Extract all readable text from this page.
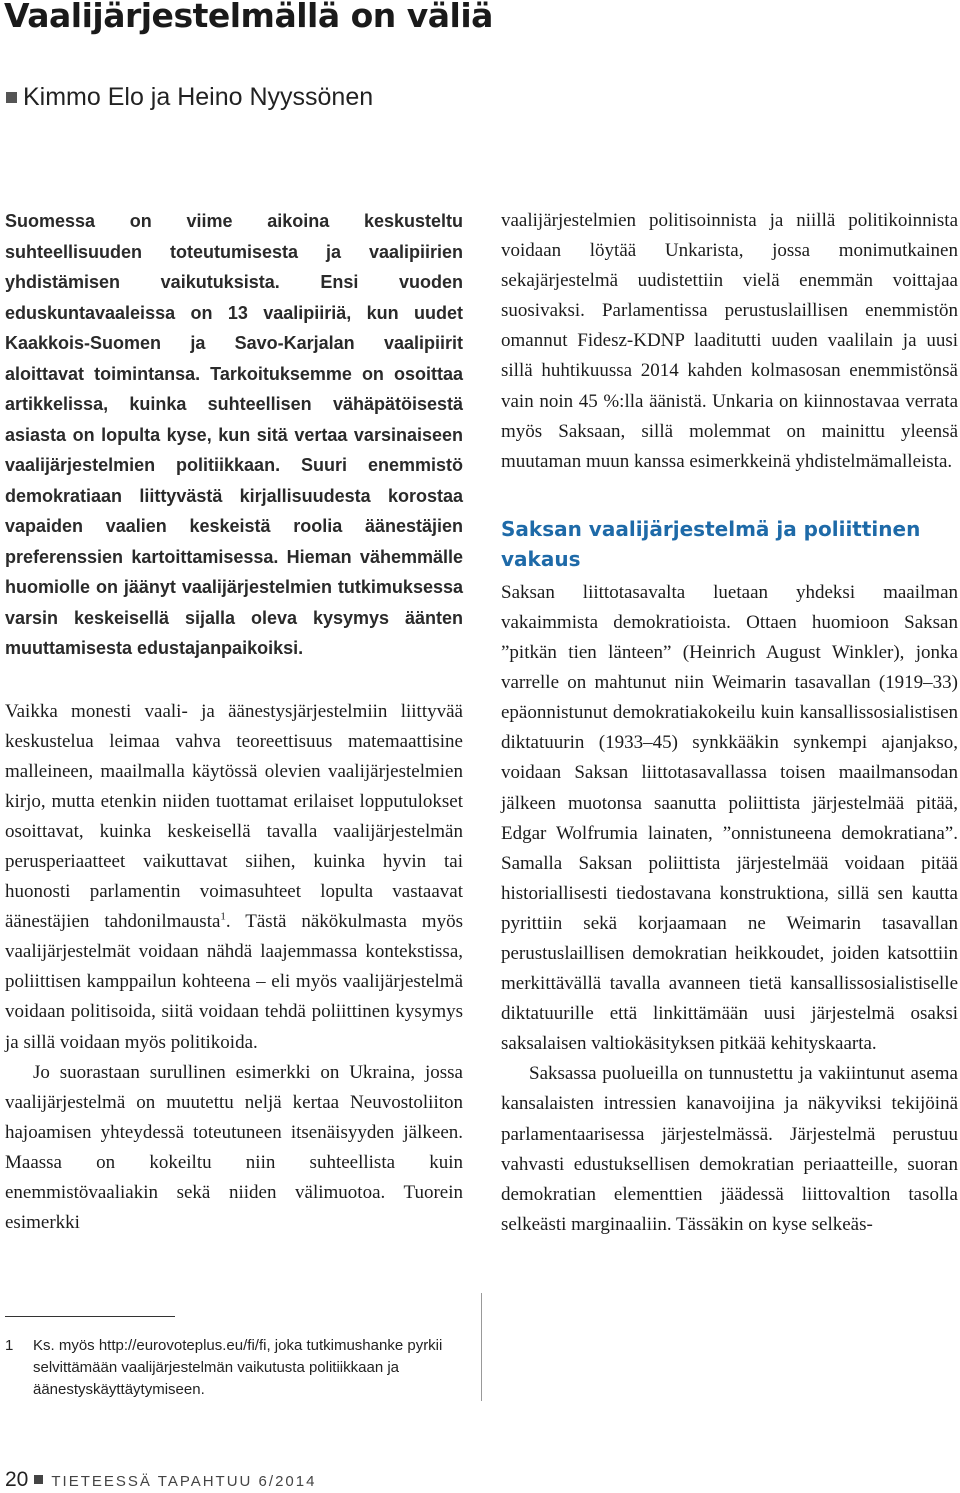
Vaalijärjestelmällä on väliä
Kimmo Elo ja Heino Nyyssönen

Suomessa on viime aikoina keskusteltu suhteellisuuden toteutumisesta ja vaalipiirien yhdistämisen vaikutuksista. Ensi vuoden eduskuntavaaleissa on 13 vaalipiiriä, kun uudet Kaakkois-Suomen ja Savo-Karjalan vaalipiirit aloittavat toimintansa. Tarkoituksemme on osoittaa artikkelissa, kuinka suhteellisen vähäpätöisestä asiasta on lopulta kyse, kun sitä vertaa varsinaiseen vaalijärjestelmien politiikkaan. Suuri enemmistö demokratiaan liittyvästä kirjallisuudesta korostaa vapaiden vaalien keskeistä roolia äänestäjien preferenssien kartoittamisessa. Hieman vähemmälle huomiolle on jäänyt vaalijärjestelmien tutkimuksessa varsin keskeisellä sijalla oleva kysymys äänten muuttamisesta edustajanpaikoiksi.

Vaikka monesti vaali- ja äänestysjärjestelmiin liittyvää keskustelua leimaa vahva teoreettisuus matemaattisine malleineen, maailmalla käytössä olevien vaalijärjestelmien kirjo, mutta etenkin niiden tuottamat erilaiset lopputulokset osoittavat, kuinka keskeisellä tavalla vaalijärjestelmän perusperiaatteet vaikuttavat siihen, kuinka hyvin tai huonosti parlamentin voimasuhteet lopulta vastaavat äänestäjien tahdonilmausta$^1$. Tästä näkökulmasta myös vaalijärjestelmät voidaan nähdä laajemmassa kontekstissa, poliittisen kamppailun kohteena – eli myös vaalijärjestelmä voidaan politisoida, siitä voidaan tehdä poliittinen kysymys ja sillä voidaan myös politikoida.

Jo suorastaan surullinen esimerkki on Ukraina, jossa vaalijärjestelmä on muutettu neljä kertaa Neuvostoliiton hajoamisen yhteydessä toteutuneen itsenäisyyden jälkeen. Maassa on kokeiltu niin suhteellista kuin enemmistövaaliakin sekä niiden välimuotoa. Tuorein esimerkki

1 Ks. myös http://eurovoteplus.eu/fi/fi, joka tutkimushanke pyrkii selvittämään vaalijärjestelmän vaikutusta politiikkaan ja äänestyskäyttäytymiseen.

vaalijärjestelmien politisoinnista ja niillä politikoinnista voidaan löytää Unkarista, jossa monimutkainen sekajärjestelmä uudistettiin vielä enemmän voittajaa suosivaksi. Parlamentissa perustuslaillisen enemmistön omannut Fidesz-KDNP laadituttі uuden vaalilain ja uusi sillä huhtikuussa 2014 kahden kolmasosan enemmistönsä vain noin 45 %:lla äänistä. Unkaria on kiinnostavaa verrata myös Saksaan, sillä molemmat on mainittu yleensä muutaman muun kanssa esimerkkeinä yhdistelmämalleista.

Saksan vaalijärjestelmä ja poliittinen vakaus

Saksan liittotasavalta luetaan yhdeksi maailman vakaimmista demokratioista. Ottaen huomioon Saksan ”pitkän tien länteen” (Heinrich August Winkler), jonka varrelle on mahtunut niin Weimarin tasavallan (1919–33) epäonnistunut demokratiakokeilu kuin kansallissosialistisen diktatuurin (1933–45) synkkääkin synkempi ajanjakso, voidaan Saksan liittotasavallassa toisen maailmansodan jälkeen muotonsa saanutta poliittista järjestelmää pitää, Edgar Wolfrumia lainaten, ”onnistuneena demokratiana”. Samalla Saksan poliittista järjestelmää voidaan pitää historiallisesti tiedostavana konstruktiona, sillä sen kautta pyrittiin sekä korjaamaan ne Weimarin tasavallan perustuslaillisen demokratian heikkoudet, joiden katsottiin merkittävällä tavalla avanneen tietä kansallissosialistiselle diktatuurille että linkittämään uusi järjestelmä osaksi saksalaisen valtiokäsityksen pitkää kehityskaarta.

Saksassa puolueilla on tunnustettu ja vakiintunut asema kansalaisten intressien kanavoijina ja näkyviksi tekijöinä parlamentaarisessa järjestelmässä. Järjestelmä perustuu vahvasti edustuksellisen demokratian periaatteille, suoran demokratian elementtien jäädessä liittovaltion tasolla selkeästi marginaaliin. Tässäkin on kyse selkeäs-

20 TIETEESSÄ TAPAHTUU 6/2014
